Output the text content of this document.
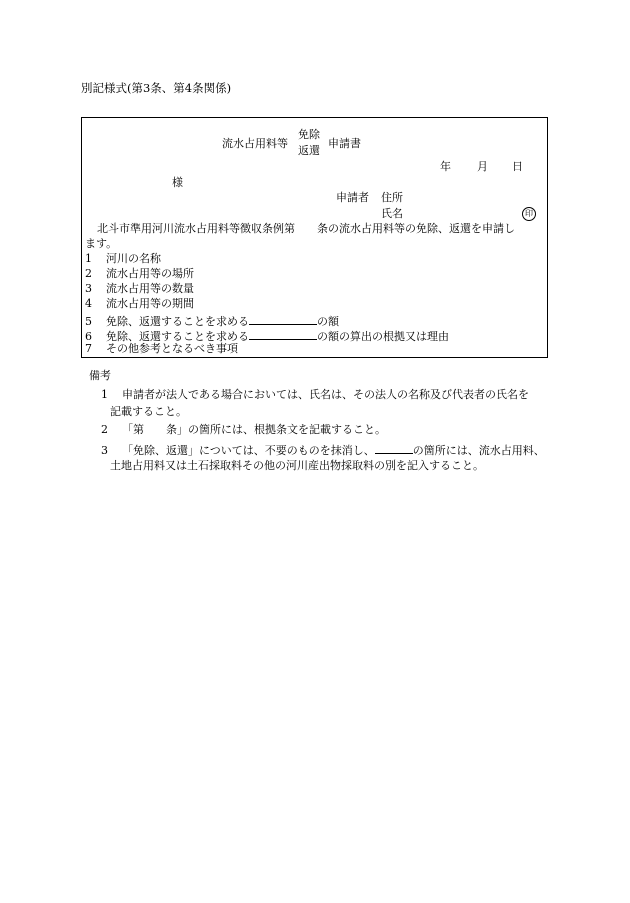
別記様式(第3条、第4条関係)
流水占用料等
免除
返還
申請書
年 月 日
様
申請者 住所
氏名	印
北斗市準用河川流水占用料等徴収条例第 条の流水占用料等の免除、返還を申請し
ます。
1 河川の名称
2 流水占用等の場所
3 流水占用等の数量
4 流水占用等の期間
5 免除、返還することを求める	の額
6 免除、返還することを求める	の額の算出の根拠又は理由
7 その他参考となるべき事項
備考
1 申請者が法人である場合においては、氏名は、その法人の名称及び代表者の氏名を
記載すること。
2 「第 条」の箇所には、根拠条文を記載すること。
3 「免除、返還」については、不要のものを抹消し、	の箇所には、流水占用料、
土地占用料又は土石採取料その他の河川産出物採取料の別を記入すること。
